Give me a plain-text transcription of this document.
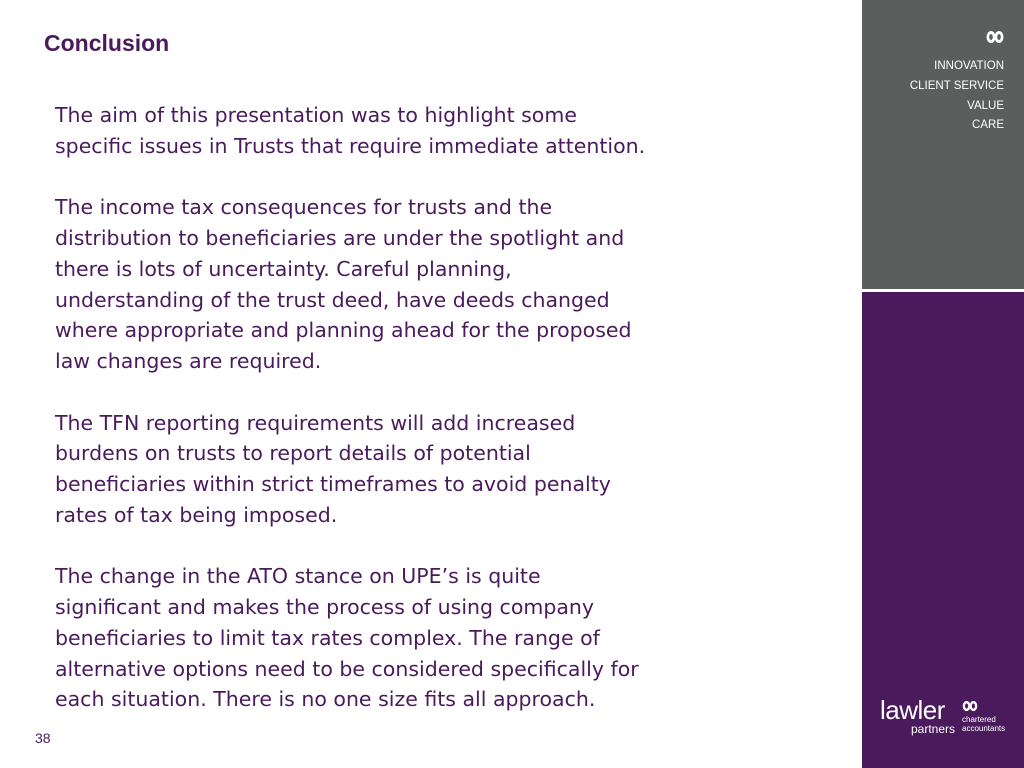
Conclusion

The aim of this presentation was to highlight some
specific issues in Trusts that require immediate attention.

The income tax consequences for trusts and the
distribution to beneficiaries are under the spotlight and
there is lots of uncertainty. Careful planning,
understanding of the trust deed, have deeds changed
where appropriate and planning ahead for the proposed
law changes are required.

The TFN reporting requirements will add increased
burdens on trusts to report details of potential
beneficiaries within strict timeframes to avoid penalty
rates of tax being imposed.

The change in the ATO stance on UPE’s is quite
significant and makes the process of using company
beneficiaries to limit tax rates complex. The range of
alternative options need to be considered specifically for
each situation. There is no one size fits all approach.

38
INNOVATION
CLIENT SERVICE
VALUE
CARE
lawler
partners
chartered
accountants
